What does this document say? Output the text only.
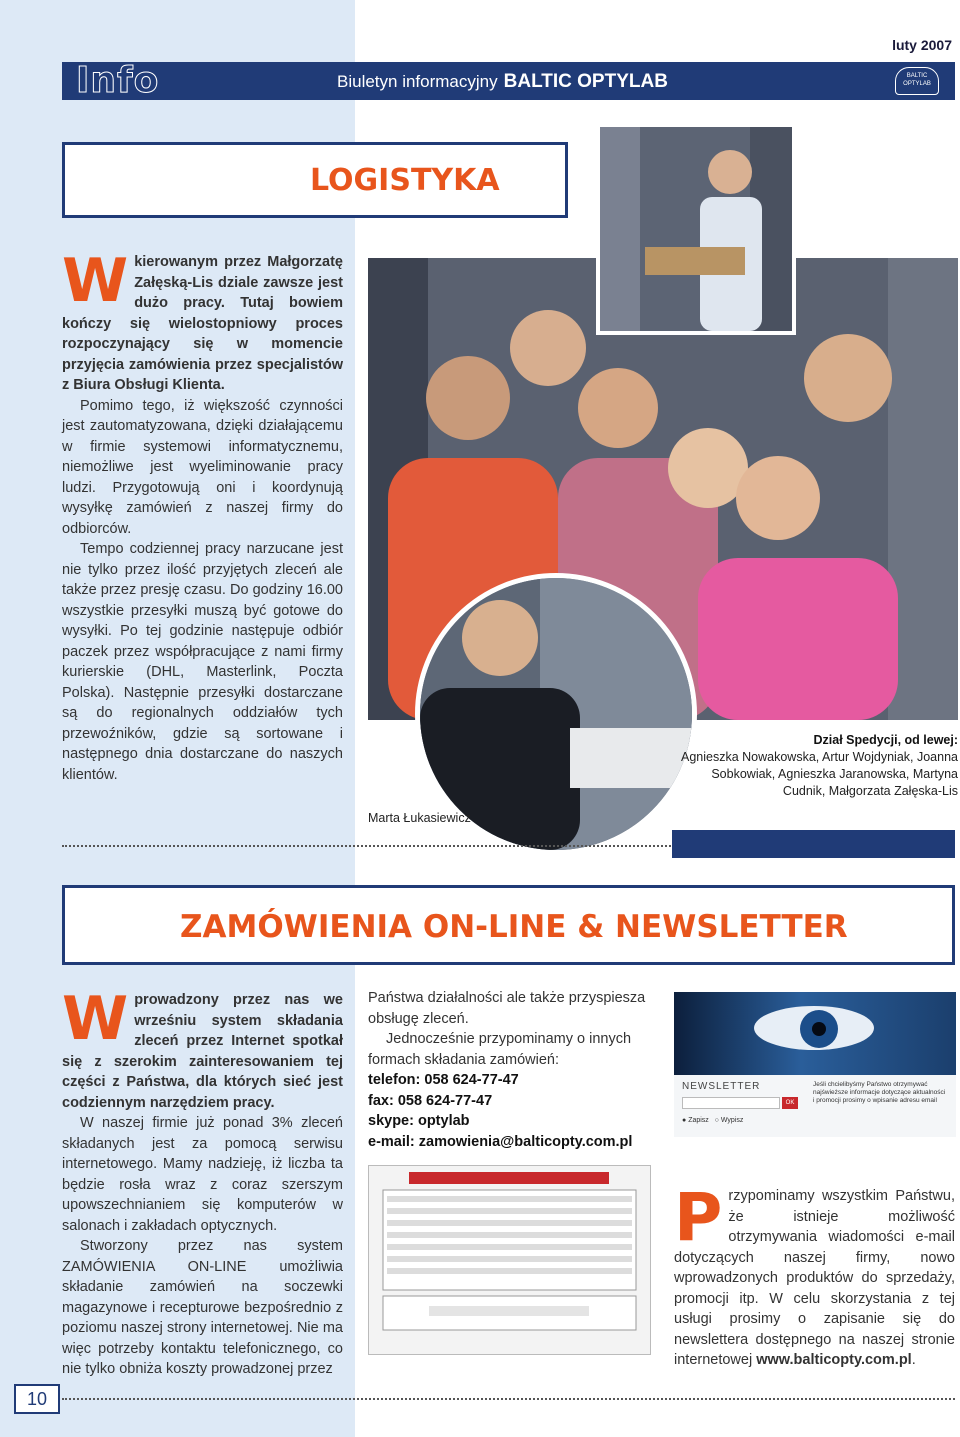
luty 2007
Info	Biuletyn informacyjny BALTIC OPTYLAB	BALTIC OPTYLAB
LOGISTYKA

Wkierowanym przez Małgorzatę Załęską-Lis dziale zawsze jest dużo pracy. Tutaj bowiem kończy się wielostopniowy proces rozpoczynający się w momencie przyjęcia zamówienia przez specjalistów z Biura Obsługi Klienta.

Pomimo tego, iż większość czynności jest zautomatyzowana, dzięki działającemu w firmie systemowi informatycznemu, niemożliwe jest wyeliminowanie pracy ludzi. Przygotowują oni i koordynują wysyłkę zamówień z naszej firmy do odbiorców.

Tempo codziennej pracy narzucane jest nie tylko przez ilość przyjętych zleceń ale także przez presję czasu. Do godziny 16.00 wszystkie przesyłki muszą być gotowe do wysyłki. Po tej godzinie następuje odbiór paczek przez współpracujące z nami firmy kurierskie (DHL, Masterlink, Poczta Polska). Następnie przesyłki dostarczane są do regionalnych oddziałów tych przewoźników, gdzie są sortowane i następnego dnia dostarczane do naszych klientów.

Dział Spedycji, od lewej:
Agnieszka Nowakowska, Artur Wojdyniak, Joanna Sobkowiak, Agnieszka Jaranowska, Martyna Cudnik, Małgorzata Załęska-Lis
Marta Łukasiewicz
ZAMÓWIENIA ON-LINE & NEWSLETTER

Wprowadzony przez nas we wrześniu system składania zleceń przez Internet spotkał się z szerokim zainteresowaniem tej części z Państwa, dla których sieć jest codziennym narzędziem pracy.

W naszej firmie już ponad 3% zleceń składanych jest za pomocą serwisu internetowego. Mamy nadzieję, iż liczba ta będzie rosła wraz z coraz szerszym upowszechnianiem się komputerów w salonach i zakładach optycznych.

Stworzony przez nas system ZAMÓWIENIA ON-LINE umożliwia składanie zamówień na soczewki magazynowe i recepturowe bezpośrednio z poziomu naszej strony internetowej. Nie ma więc potrzeby kontaktu telefonicznego, co nie tylko obniża koszty prowadzonej przez

Państwa działalności ale także przyspiesza obsługę zleceń.

Jednocześnie przypominamy o innych formach składania zamówień:

telefon: 058 624-77-47

fax: 058 624-77-47

skype: optylab

e-mail: zamowienia@balticopty.com.pl

NEWSLETTER
OK
● Zapisz   ○ Wypisz
Jeśli chcielibyśmy Państwo otrzymywać najświeższe informacje dotyczące aktualności i promocji prosimy o wpisanie adresu email

Przypominamy wszystkim Państwu, że istnieje możliwość otrzymywania wiadomości e-mail dotyczących naszej firmy, nowo wprowadzonych produktów do sprzedaży, promocji itp. W celu skorzystania z tej usługi prosimy o zapisanie się do newslettera dostępnego na naszej stronie internetowej www.balticopty.com.pl.

10
